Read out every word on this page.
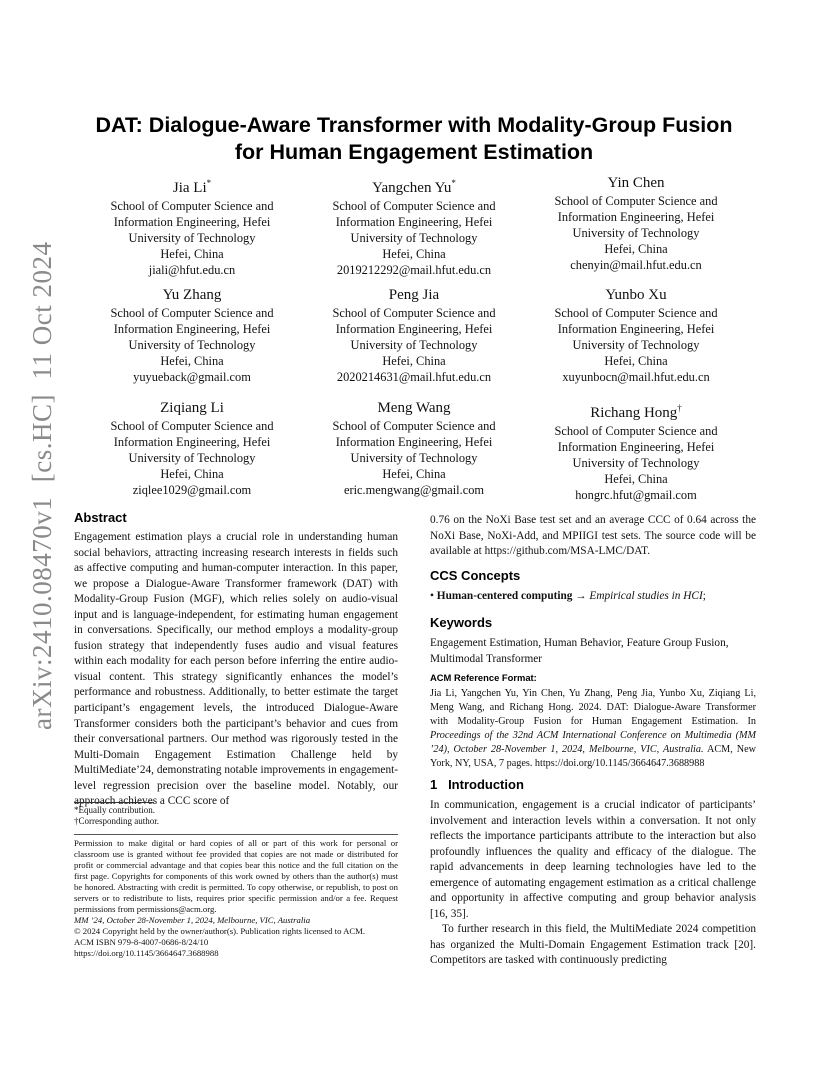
arXiv:2410.08470v1  [cs.HC]  11 Oct 2024
DAT: Dialogue-Aware Transformer with Modality-Group Fusion
for Human Engagement Estimation
Jia Li*
School of Computer Science and
Information Engineering, Hefei
University of Technology
Hefei, China
jiali@hfut.edu.cn
Yangchen Yu*
School of Computer Science and
Information Engineering, Hefei
University of Technology
Hefei, China
2019212292@mail.hfut.edu.cn
Yin Chen
School of Computer Science and
Information Engineering, Hefei
University of Technology
Hefei, China
chenyin@mail.hfut.edu.cn
Yu Zhang
School of Computer Science and
Information Engineering, Hefei
University of Technology
Hefei, China
yuyueback@gmail.com
Peng Jia
School of Computer Science and
Information Engineering, Hefei
University of Technology
Hefei, China
2020214631@mail.hfut.edu.cn
Yunbo Xu
School of Computer Science and
Information Engineering, Hefei
University of Technology
Hefei, China
xuyunbocn@mail.hfut.edu.cn
Ziqiang Li
School of Computer Science and
Information Engineering, Hefei
University of Technology
Hefei, China
ziqlee1029@gmail.com
Meng Wang
School of Computer Science and
Information Engineering, Hefei
University of Technology
Hefei, China
eric.mengwang@gmail.com
Richang Hong†
School of Computer Science and
Information Engineering, Hefei
University of Technology
Hefei, China
hongrc.hfut@gmail.com
Abstract
Engagement estimation plays a crucial role in understanding human social behaviors, attracting increasing research interests in fields such as affective computing and human-computer interaction. In this paper, we propose a Dialogue-Aware Transformer framework (DAT) with Modality-Group Fusion (MGF), which relies solely on audio-visual input and is language-independent, for estimating human engagement in conversations. Specifically, our method employs a modality-group fusion strategy that independently fuses audio and visual features within each modality for each person before inferring the entire audio-visual content. This strategy significantly enhances the model’s performance and robustness. Additionally, to better estimate the target participant’s engagement levels, the introduced Dialogue-Aware Transformer considers both the participant’s behavior and cues from their conversational partners. Our method was rigorously tested in the Multi-Domain Engagement Estimation Challenge held by MultiMediate’24, demonstrating notable improvements in engagement-level regression precision over the baseline model. Notably, our approach achieves a CCC score of
*Equally contribution.
†Corresponding author.
Permission to make digital or hard copies of all or part of this work for personal or classroom use is granted without fee provided that copies are not made or distributed for profit or commercial advantage and that copies bear this notice and the full citation on the first page. Copyrights for components of this work owned by others than the author(s) must be honored. Abstracting with credit is permitted. To copy otherwise, or republish, to post on servers or to redistribute to lists, requires prior specific permission and/or a fee. Request permissions from permissions@acm.org.
MM ’24, October 28-November 1, 2024, Melbourne, VIC, Australia
© 2024 Copyright held by the owner/author(s). Publication rights licensed to ACM.
ACM ISBN 979-8-4007-0686-8/24/10
https://doi.org/10.1145/3664647.3688988
0.76 on the NoXi Base test set and an average CCC of 0.64 across the NoXi Base, NoXi-Add, and MPIIGI test sets. The source code will be available at https://github.com/MSA-LMC/DAT.
CCS Concepts
• Human-centered computing → Empirical studies in HCI;
Keywords
Engagement Estimation, Human Behavior, Feature Group Fusion, Multimodal Transformer
ACM Reference Format:
Jia Li, Yangchen Yu, Yin Chen, Yu Zhang, Peng Jia, Yunbo Xu, Ziqiang Li, Meng Wang, and Richang Hong. 2024. DAT: Dialogue-Aware Transformer with Modality-Group Fusion for Human Engagement Estimation. In Proceedings of the 32nd ACM International Conference on Multimedia (MM ’24), October 28-November 1, 2024, Melbourne, VIC, Australia. ACM, New York, NY, USA, 7 pages. https://doi.org/10.1145/3664647.3688988
1   Introduction
In communication, engagement is a crucial indicator of participants’ involvement and interaction levels within a conversation. It not only reflects the importance participants attribute to the interaction but also profoundly influences the quality and efficacy of the dialogue. The rapid advancements in deep learning technologies have led to the emergence of automating engagement estimation as a critical challenge and opportunity in affective computing and group behavior analysis [16, 35].
To further research in this field, the MultiMediate 2024 competition has organized the Multi-Domain Engagement Estimation track [20]. Competitors are tasked with continuously predicting
